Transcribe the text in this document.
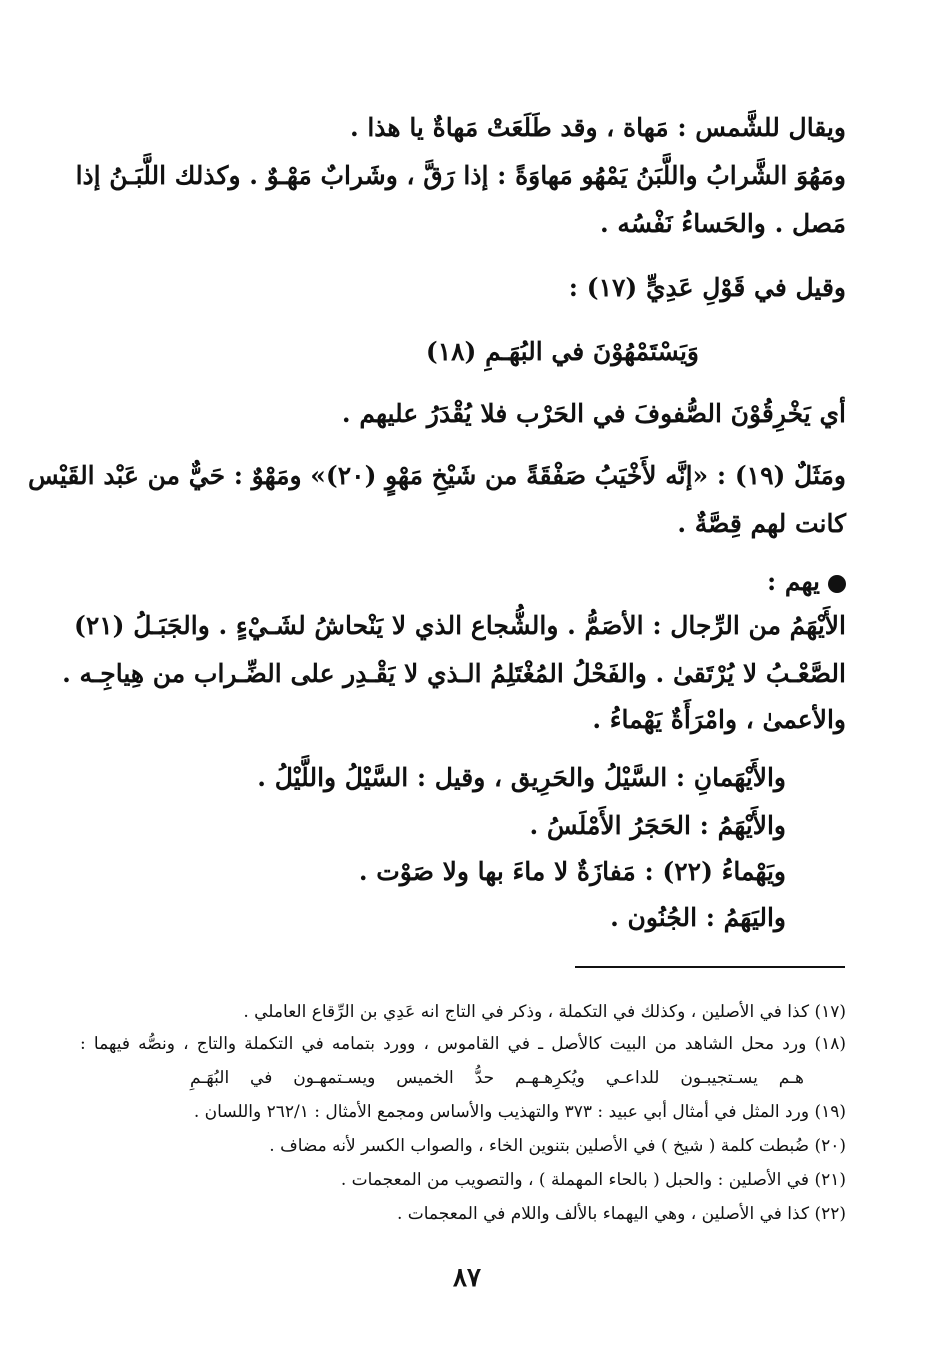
ويقال للشَّمس : مَهاة ، وقد طَلَعَتْ مَهاةٌ يا هذا .
ومَهُوَ الشَّرابُ واللَّبَنُ يَمْهُو مَهاوَةً : إذا رَقَّ ، وشَرابٌ مَهْـوٌ . وكذلك اللَّبَـنُ إذا
مَصل . والحَساءُ نَفْسُه .
وقيل في قَوْلِ عَدِيٍّ (١٧) :
وَيَسْتَمْهُوْنَ في البُهَـمِ (١٨)
أي يَخْرِقُوْنَ الصُّفوفَ في الحَرْب فلا يُقْدَرُ عليهم .
ومَثَلٌ (١٩) : «إنَّه لأَخْيَبُ صَفْقَةً من شَيْخِ مَهْوٍ (٢٠)» ومَهْوٌ : حَيٌّ من عَبْد القَيْس
كانت لهم قِصَّةٌ .
يهم :
الأَيْهَمُ من الرِّجال : الأصَمُّ . والشُّجاع الذي لا يَنْحاشُ لشَـيْءٍ . والجَبَـلُ (٢١)
الصَّعْـبُ لا يُرْتَقىٰ . والفَحْلُ المُغْتَلِمُ الـذي لا يَقْـدِر على الضِّـراب من هِياجِـه .
والأعمىٰ ، وامْرَأَةٌ يَهْماءُ .
والأَيْهَمانِ : السَّيْلُ والحَرِيق ، وقيل : السَّيْلُ واللَّيْلُ .
والأَيْهَمُ : الحَجَرُ الأَمْلَسُ .
ويَهْماءُ (٢٢) : مَفازَةٌ لا ماءَ بها ولا صَوْت .
واليَهَمُ : الجُنُون .
(١٧) كذا في الأصلين ، وكذلك في التكملة ، وذكر في التاج انه عَدِي بن الرِّقاع العاملي .
(١٨) ورد محل الشاهد من البيت كالأصل ـ في القاموس ، وورد بتمامه في التكملة والتاج ، ونصُّه فيهما :
هـم يسـتجيبـون للداعـي ويُكرِهـهـم حدُّ الخميس ويسـتمهـون في البُهَـمِ
(١٩) ورد المثل في أمثال أبي عبيد : ٣٧٣ والتهذيب والأساس ومجمع الأمثال : ٢٦٢/١ واللسان .
(٢٠) ضُبطت كلمة ( شيخ ) في الأصلين بتنوين الخاء ، والصواب الكسر لأنه مضاف .
(٢١) في الأصلين : والحبل ( بالحاء المهملة ) ، والتصويب من المعجمات .
(٢٢) كذا في الأصلين ، وهي اليهماء بالألف واللام في المعجمات .
٨٧
